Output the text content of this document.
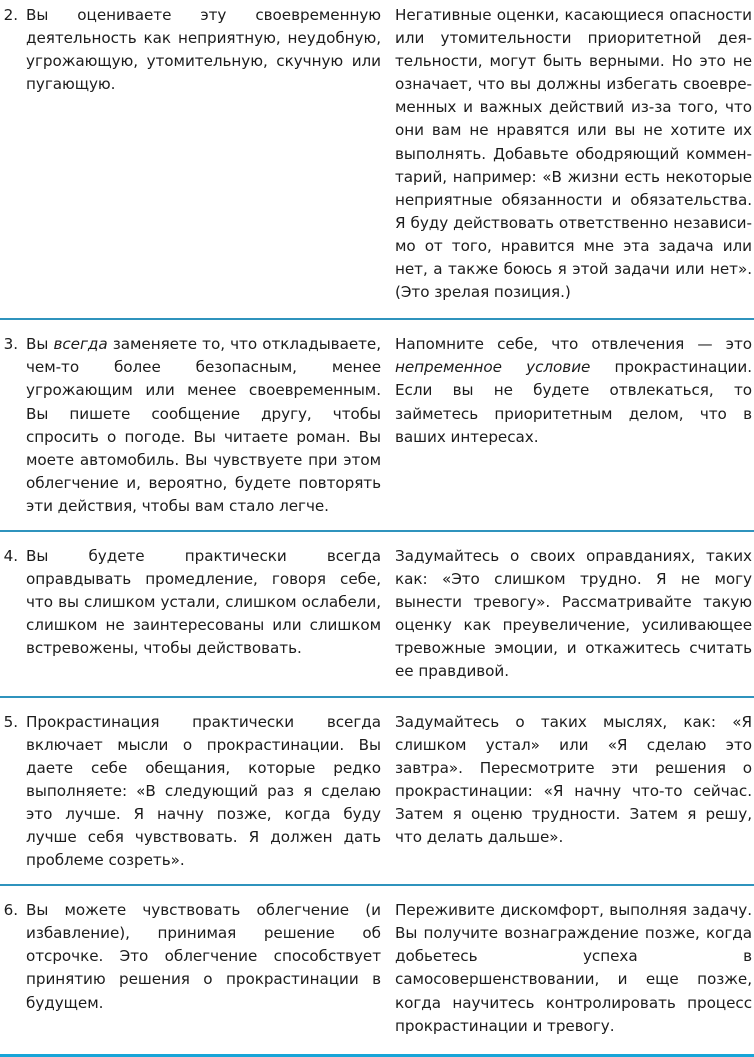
2. Вы оцениваете эту своевременную деятельность как неприятную, неудобную, угрожающую, утомительную, скучную или пугающую.
Негативные оценки, касающиеся опасности или утомительности приоритетной деятельности, могут быть верными. Но это не означает, что вы должны избегать своевременных и важных действий из-за того, что они вам не нравятся или вы не хотите их выполнять. Добавьте ободряющий комментарий, например: «В жизни есть некоторые неприятные обязанности и обязательства. Я буду действовать ответственно независимо от того, нравится мне эта задача или нет, а также боюсь я этой задачи или нет». (Это зрелая позиция.)
3. Вы всегда заменяете то, что откладываете, чем-то более безопасным, менее угрожающим или менее своевременным. Вы пишете сообщение другу, чтобы спросить о погоде. Вы читаете роман. Вы моете автомобиль. Вы чувствуете при этом облегчение и, вероятно, будете повторять эти действия, чтобы вам стало легче.
Напомните себе, что отвлечения — это непременное условие прокрастинации. Если вы не будете отвлекаться, то займетесь приоритетным делом, что в ваших интересах.
4. Вы будете практически всегда оправдывать промедление, говоря себе, что вы слишком устали, слишком ослабели, слишком не заинтересованы или слишком встревожены, чтобы действовать.
Задумайтесь о своих оправданиях, таких как: «Это слишком трудно. Я не могу вынести тревогу». Рассматривайте такую оценку как преувеличение, усиливающее тревожные эмоции, и откажитесь считать ее правдивой.
5. Прокрастинация практически всегда включает мысли о прокрастинации. Вы даете себе обещания, которые редко выполняете: «В следующий раз я сделаю это лучше. Я начну позже, когда буду лучше себя чувствовать. Я должен дать проблеме созреть».
Задумайтесь о таких мыслях, как: «Я слишком устал» или «Я сделаю это завтра». Пересмотрите эти решения о прокрастинации: «Я начну что-то сейчас. Затем я оценю трудности. Затем я решу, что делать дальше».
6. Вы можете чувствовать облегчение (и избавление), принимая решение об отсрочке. Это облегчение способствует принятию решения о прокрастинации в будущем.
Переживите дискомфорт, выполняя задачу. Вы получите вознаграждение позже, когда добьетесь успеха в самосовершенствовании, и еще позже, когда научитесь контролировать процесс прокрастинации и тревогу.
